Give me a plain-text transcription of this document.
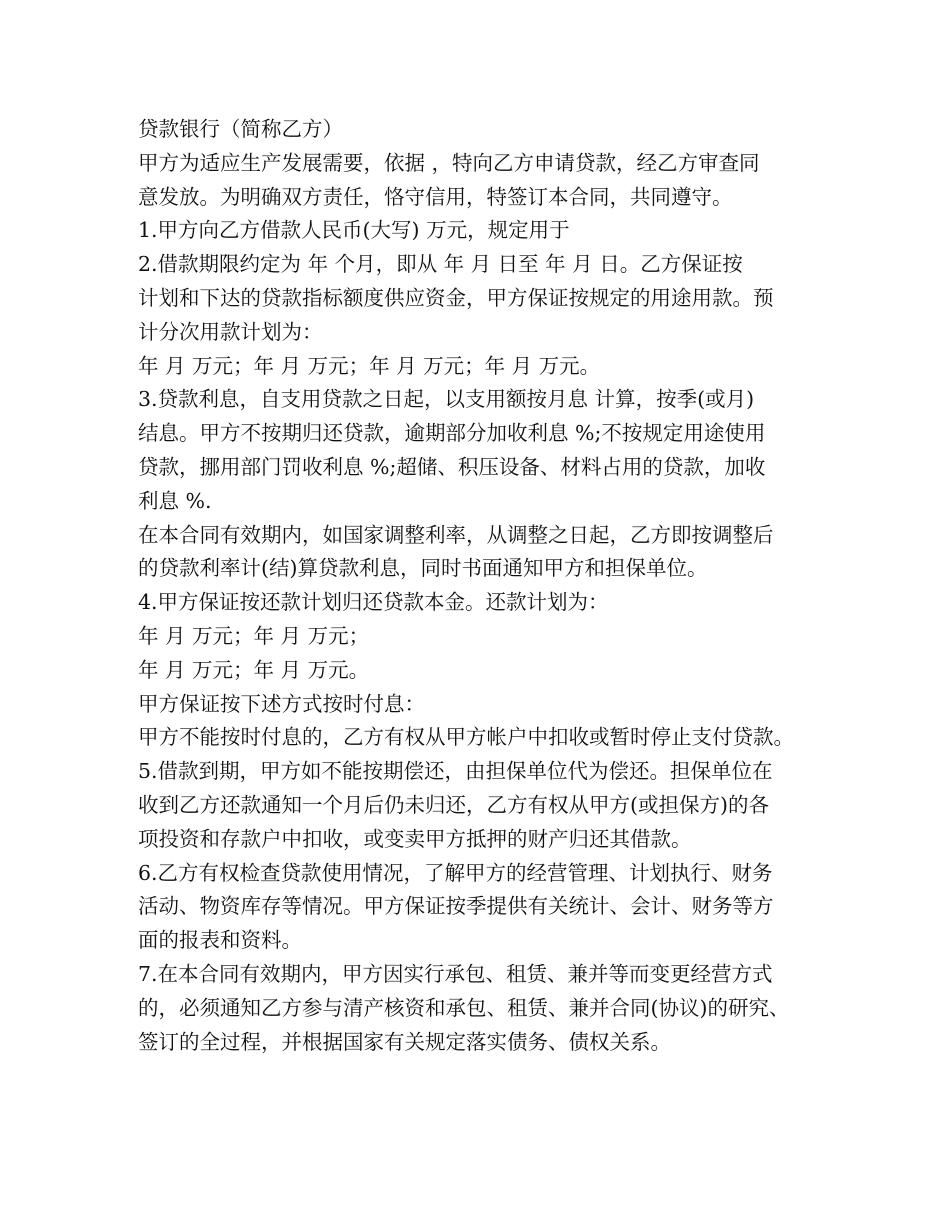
贷款银行（简称乙方）
甲方为适应生产发展需要，依据 ，特向乙方申请贷款，经乙方审查同
意发放。为明确双方责任，恪守信用，特签订本合同，共同遵守。
1.甲方向乙方借款人民币(大写) 万元，规定用于
2.借款期限约定为 年 个月，即从 年 月 日至 年 月 日。乙方保证按
计划和下达的贷款指标额度供应资金，甲方保证按规定的用途用款。预
计分次用款计划为：
年 月 万元；年 月 万元；年 月 万元；年 月 万元。
3.贷款利息，自支用贷款之日起，以支用额按月息 计算，按季(或月)
结息。甲方不按期归还贷款，逾期部分加收利息 %;不按规定用途使用
贷款，挪用部门罚收利息 %;超储、积压设备、材料占用的贷款，加收
利息 %.
在本合同有效期内，如国家调整利率，从调整之日起，乙方即按调整后
的贷款利率计(结)算贷款利息，同时书面通知甲方和担保单位。
4.甲方保证按还款计划归还贷款本金。还款计划为：
年 月 万元；年 月 万元；
年 月 万元；年 月 万元。
甲方保证按下述方式按时付息：
甲方不能按时付息的，乙方有权从甲方帐户中扣收或暂时停止支付贷款。
5.借款到期，甲方如不能按期偿还，由担保单位代为偿还。担保单位在
收到乙方还款通知一个月后仍未归还，乙方有权从甲方(或担保方)的各
项投资和存款户中扣收，或变卖甲方抵押的财产归还其借款。
6.乙方有权检查贷款使用情况，了解甲方的经营管理、计划执行、财务
活动、物资库存等情况。甲方保证按季提供有关统计、会计、财务等方
面的报表和资料。
7.在本合同有效期内，甲方因实行承包、租赁、兼并等而变更经营方式
的，必须通知乙方参与清产核资和承包、租赁、兼并合同(协议)的研究、
签订的全过程，并根据国家有关规定落实债务、债权关系。
